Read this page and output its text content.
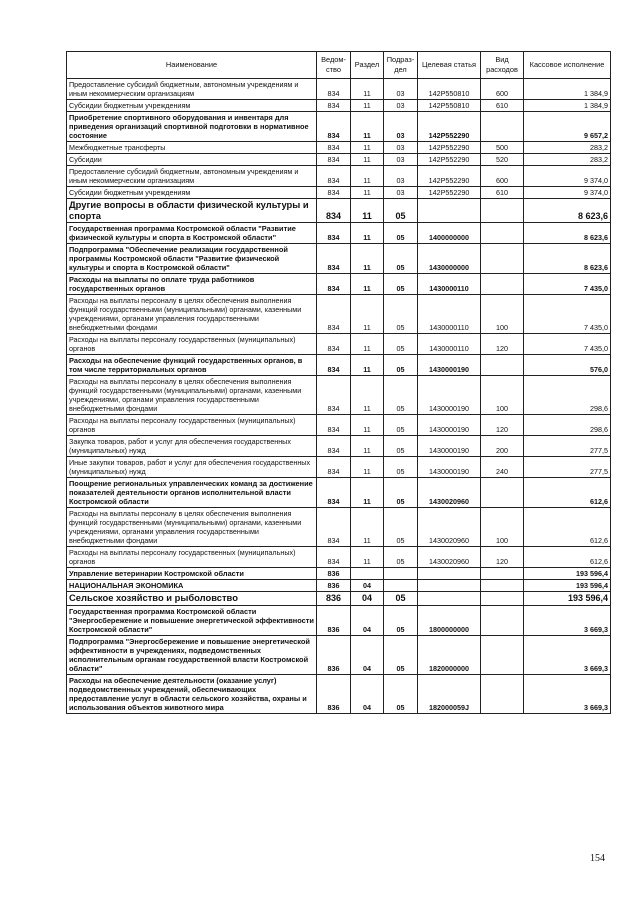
Наименование	Ведом-ство	Раздел	Подраз-дел	Целевая статья	Вид расходов	Кассовое исполнение
Предоставление субсидий бюджетным, автономным учреждениям и иным некоммерческим организациям	834	11	03	142Р550810	600	1 384,9
Субсидии бюджетным учреждениям	834	11	03	142Р550810	610	1 384,9
Приобретение спортивного оборудования и инвентаря для приведения организаций спортивной подготовки в нормативное состояние	834	11	03	142Р552290		9 657,2
Межбюджетные трансферты	834	11	03	142Р552290	500	283,2
Субсидии	834	11	03	142Р552290	520	283,2
Предоставление субсидий бюджетным, автономным учреждениям и иным некоммерческим организациям	834	11	03	142Р552290	600	9 374,0
Субсидии бюджетным учреждениям	834	11	03	142Р552290	610	9 374,0
Другие вопросы в области физической культуры и спорта	834	11	05			8 623,6
Государственная программа Костромской области "Развитие физической культуры и спорта в Костромской области"	834	11	05	1400000000		8 623,6
Подпрограмма "Обеспечение реализации государственной программы Костромской области "Развитие физической культуры и спорта в Костромской области"	834	11	05	1430000000		8 623,6
Расходы на выплаты по оплате труда работников государственных органов	834	11	05	1430000110		7 435,0
Расходы на выплаты персоналу в целях обеспечения выполнения функций государственными (муниципальными) органами, казенными учреждениями, органами управления государственными внебюджетными фондами	834	11	05	1430000110	100	7 435,0
Расходы на выплаты персоналу государственных (муниципальных) органов	834	11	05	1430000110	120	7 435,0
Расходы на обеспечение функций государственных органов, в том числе территориальных органов	834	11	05	1430000190		576,0
Расходы на выплаты персоналу в целях обеспечения выполнения функций государственными (муниципальными) органами, казенными учреждениями, органами управления государственными внебюджетными фондами	834	11	05	1430000190	100	298,6
Расходы на выплаты персоналу государственных (муниципальных) органов	834	11	05	1430000190	120	298,6
Закупка товаров, работ и услуг для обеспечения государственных (муниципальных) нужд	834	11	05	1430000190	200	277,5
Иные закупки товаров, работ и услуг для обеспечения государственных (муниципальных) нужд	834	11	05	1430000190	240	277,5
Поощрение региональных управленческих команд за достижение показателей деятельности органов исполнительной власти Костромской области	834	11	05	1430020960		612,6
Расходы на выплаты персоналу в целях обеспечения выполнения функций государственными (муниципальными) органами, казенными учреждениями, органами управления государственными внебюджетными фондами	834	11	05	1430020960	100	612,6
Расходы на выплаты персоналу государственных (муниципальных) органов	834	11	05	1430020960	120	612,6
Управление ветеринарии Костромской области	836					193 596,4
НАЦИОНАЛЬНАЯ ЭКОНОМИКА	836	04				193 596,4
Сельское хозяйство и рыболовство	836	04	05			193 596,4
Государственная программа Костромской области "Энергосбережение и повышение энергетической эффективности Костромской области"	836	04	05	1800000000		3 669,3
Подпрограмма "Энергосбережение и повышение энергетической эффективности в учреждениях, подведомственных исполнительным органам государственной власти Костромской области"	836	04	05	1820000000		3 669,3
Расходы на обеспечение деятельности (оказание услуг) подведомственных учреждений, обеспечивающих предоставление услуг в области сельского хозяйства, охраны и использования объектов животного мира	836	04	05	182000059J		3 669,3
154
